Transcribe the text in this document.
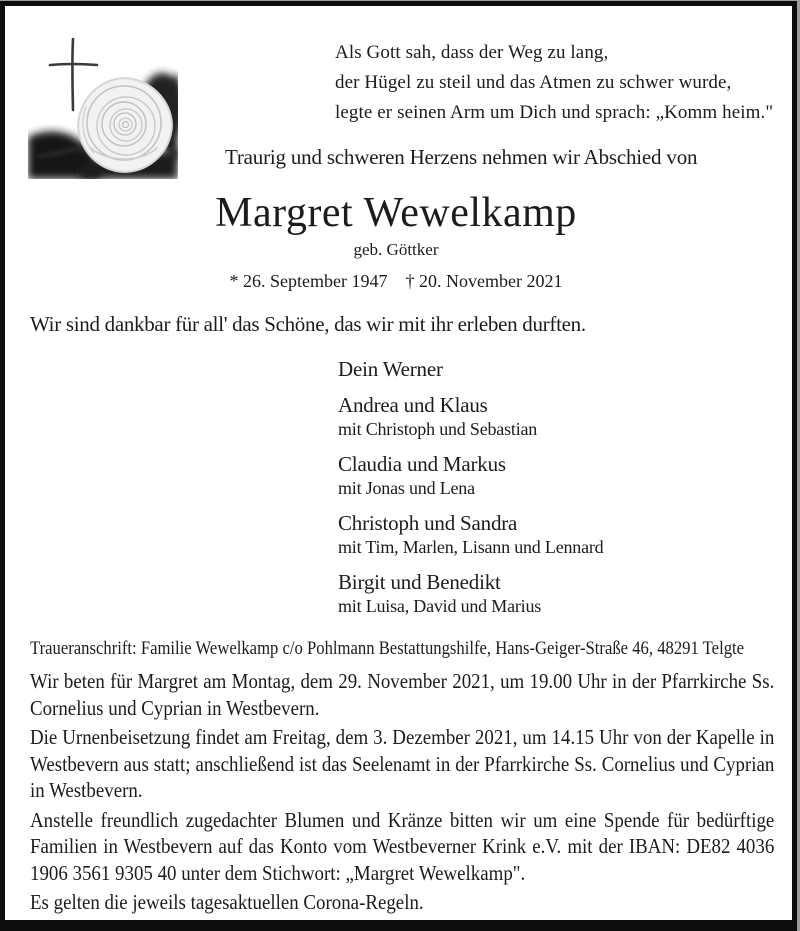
Als Gott sah, dass der Weg zu lang,
der Hügel zu steil und das Atmen zu schwer wurde,
legte er seinen Arm um Dich und sprach: „Komm heim."
Traurig und schweren Herzens nehmen wir Abschied von
Margret Wewelkamp
geb. Göttker
* 26. September 1947 † 20. November 2021
Wir sind dankbar für all' das Schöne, das wir mit ihr erleben durften.
Dein Werner
Andrea und Klaus
mit Christoph und Sebastian
Claudia und Markus
mit Jonas und Lena
Christoph und Sandra
mit Tim, Marlen, Lisann und Lennard
Birgit und Benedikt
mit Luisa, David und Marius
Traueranschrift: Familie Wewelkamp c/o Pohlmann Bestattungshilfe, Hans-Geiger-Straße 46, 48291 Telgte

Wir beten für Margret am Montag, dem 29. November 2021, um 19.00 Uhr in der Pfarrkirche Ss. Cornelius und Cyprian in Westbevern.

Die Urnenbeisetzung findet am Freitag, dem 3. Dezember 2021, um 14.15 Uhr von der Kapelle in Westbevern aus statt; anschließend ist das Seelenamt in der Pfarrkirche Ss. Cornelius und Cyprian in Westbevern.

Anstelle freundlich zugedachter Blumen und Kränze bitten wir um eine Spende für bedürftige Familien in Westbevern auf das Konto vom Westbeverner Krink e.V. mit der IBAN: DE82 4036 1906 3561 9305 40 unter dem Stichwort: „Margret Wewelkamp".

Es gelten die jeweils tagesaktuellen Corona-Regeln.
